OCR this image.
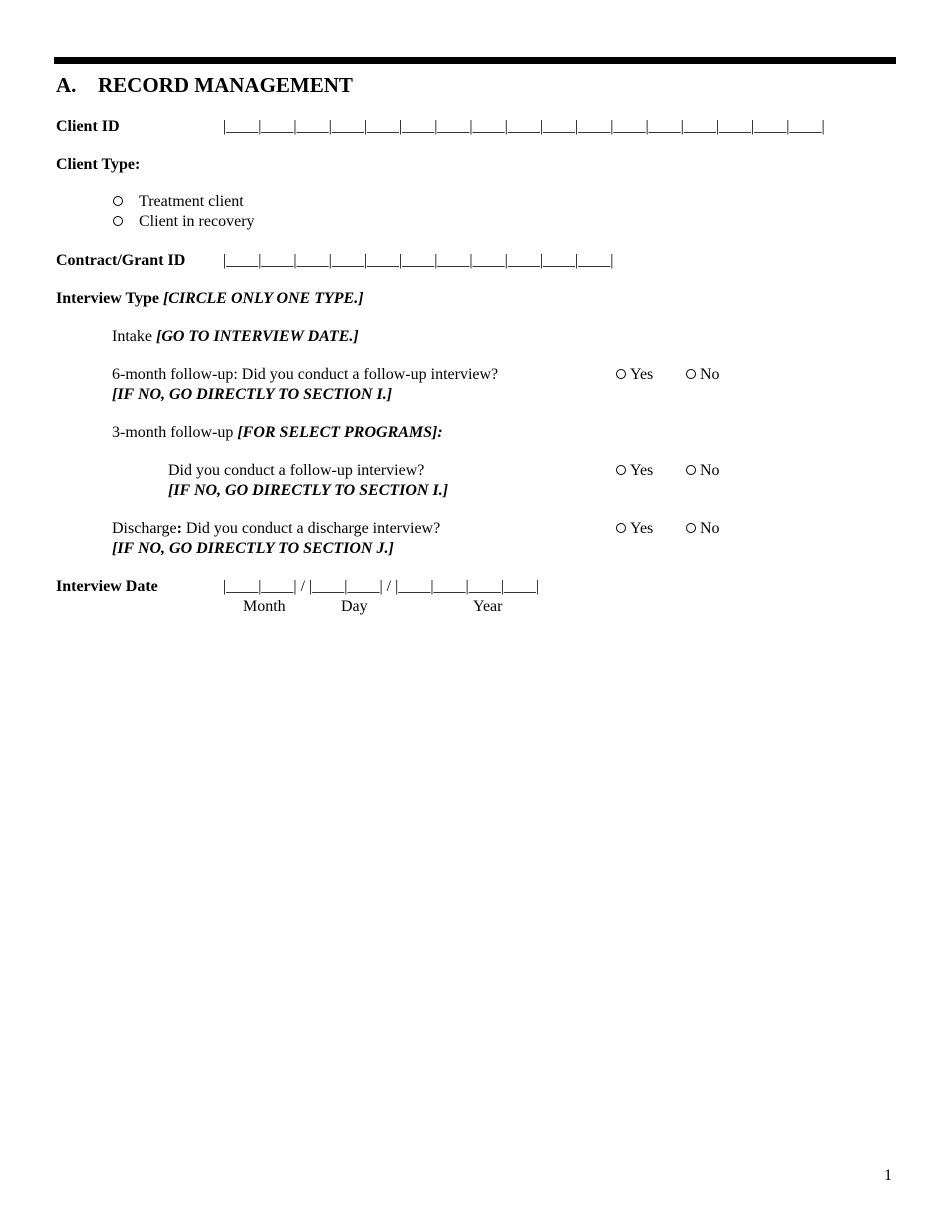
A. RECORD MANAGEMENT
Client ID	|____|____|____|____|____|____|____|____|____|____|____|____|____|____|____|____|____|
Client Type:
Treatment client
Client in recovery
Contract/Grant ID |____|____|____|____|____|____|____|____|____|____|____|
Interview Type [CIRCLE ONLY ONE TYPE.]
Intake [GO TO INTERVIEW DATE.]
6-month follow-up: Did you conduct a follow-up interview?
[IF NO, GO DIRECTLY TO SECTION I.]
Yes	No
3-month follow-up [FOR SELECT PROGRAMS]:
Did you conduct a follow-up interview?
[IF NO, GO DIRECTLY TO SECTION I.]
Yes	No
Discharge: Did you conduct a discharge interview?
[IF NO, GO DIRECTLY TO SECTION J.]
Yes	No
Interview Date	|____|____| / |____|____| / |____|____|____|____|
Month	Day	Year
1
